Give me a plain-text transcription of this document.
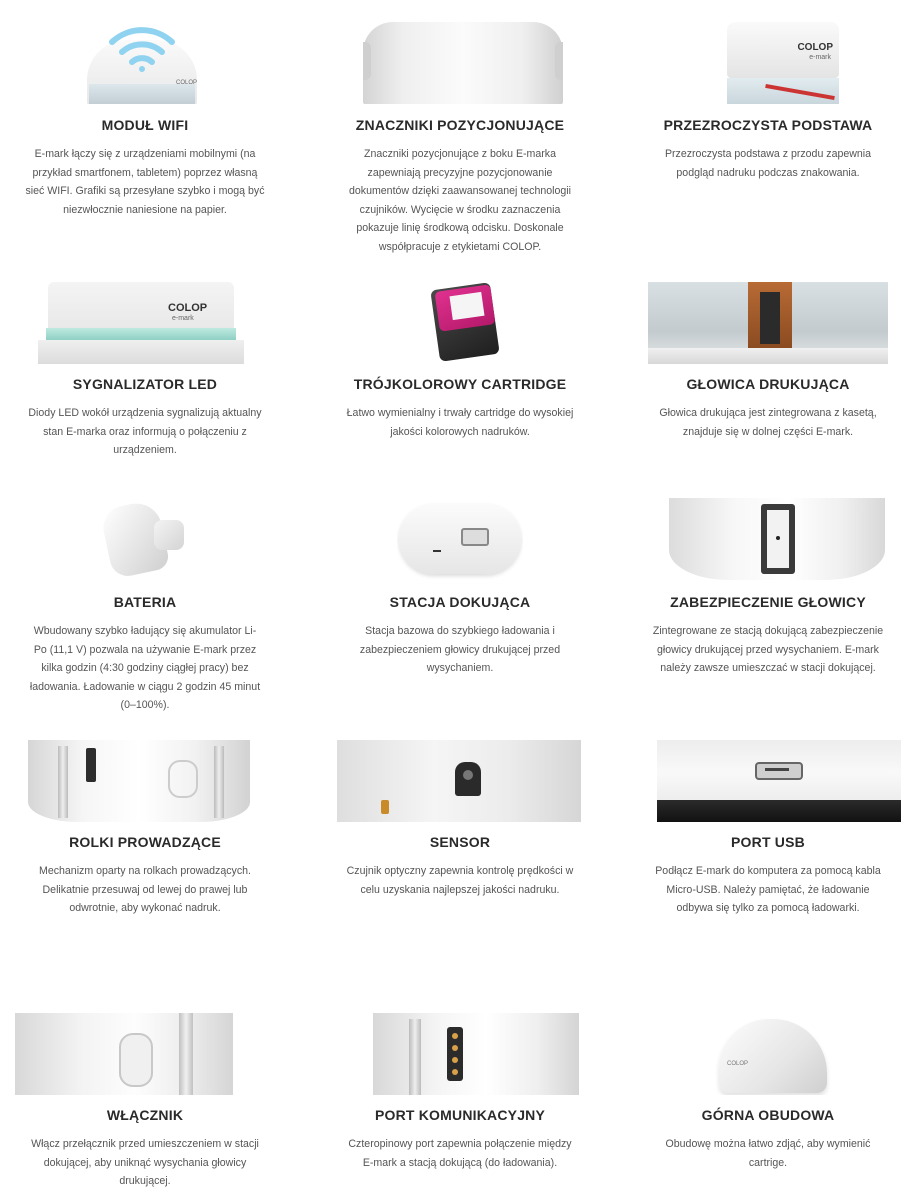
COLOP
MODUŁ WIFI
E-mark łączy się z urządzeniami mobilnymi (na
przykład smartfonem, tabletem) poprzez własną
sieć WIFI. Grafiki są przesyłane szybko i mogą być
niezwłocznie naniesione na papier.
ZNACZNIKI POZYCJONUJĄCE
Znaczniki pozycjonujące z boku E-marka
zapewniają precyzyjne pozycjonowanie
dokumentów dzięki zaawansowanej technologii
czujników. Wycięcie w środku zaznaczenia
pokazuje linię środkową odcisku. Doskonale
współpracuje z etykietami COLOP.
COLOP
e-mark
PRZEZROCZYSTA PODSTAWA
Przezroczysta podstawa z przodu zapewnia
podgląd nadruku podczas znakowania.
COLOP
e-mark
SYGNALIZATOR LED
Diody LED wokół urządzenia sygnalizują aktualny
stan E-marka oraz informują o połączeniu z
urządzeniem.
TRÓJKOLOROWY CARTRIDGE
Łatwo wymienialny i trwały cartridge do wysokiej
jakości kolorowych nadruków.
GŁOWICA DRUKUJĄCA
Głowica drukująca jest zintegrowana z kasetą,
znajduje się w dolnej części E-mark.
BATERIA
Wbudowany szybko ładujący się akumulator Li-
Po (11,1 V) pozwala na używanie E-mark przez
kilka godzin (4:30 godziny ciągłej pracy) bez
ładowania. Ładowanie w ciągu 2 godzin 45 minut
(0–100%).
STACJA DOKUJĄCA
Stacja bazowa do szybkiego ładowania i
zabezpieczeniem głowicy drukującej przed
wysychaniem.
ZABEZPIECZENIE GŁOWICY
Zintegrowane ze stacją dokującą zabezpieczenie
głowicy drukującej przed wysychaniem. E-mark
należy zawsze umieszczać w stacji dokującej.
ROLKI PROWADZĄCE
Mechanizm oparty na rolkach prowadzących.
Delikatnie przesuwaj od lewej do prawej lub
odwrotnie, aby wykonać nadruk.
SENSOR
Czujnik optyczny zapewnia kontrolę prędkości w
celu uzyskania najlepszej jakości nadruku.
PORT USB
Podłącz E-mark do komputera za pomocą kabla
Micro-USB. Należy pamiętać, że ładowanie
odbywa się tylko za pomocą ładowarki.
WŁĄCZNIK
Włącz przełącznik przed umieszczeniem w stacji
dokującej, aby uniknąć wysychania głowicy
drukującej.
PORT KOMUNIKACYJNY
Czteropinowy port zapewnia połączenie między
E-mark a stacją dokującą (do ładowania).
COLOP
GÓRNA OBUDOWA
Obudowę można łatwo zdjąć, aby wymienić
cartrige.
